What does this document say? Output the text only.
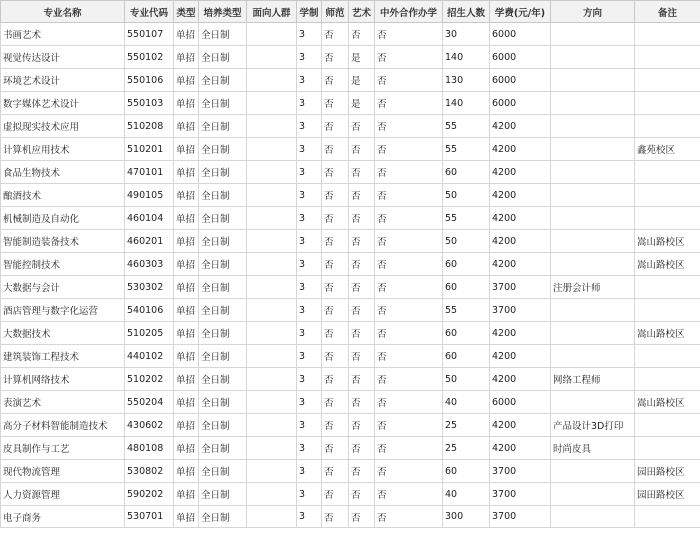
专业名称	专业代码	类型	培养类型	面向人群	学制	师范	艺术	中外合作办学	招生人数	学费(元/年)	方向	备注
书画艺术	550107	单招	全日制		3	否	否	否	30	6000		
视觉传达设计	550102	单招	全日制		3	否	是	否	140	6000		
环境艺术设计	550106	单招	全日制		3	否	是	否	130	6000		
数字媒体艺术设计	550103	单招	全日制		3	否	是	否	140	6000		
虚拟现实技术应用	510208	单招	全日制		3	否	否	否	55	4200		
计算机应用技术	510201	单招	全日制		3	否	否	否	55	4200		鑫苑校区
食品生物技术	470101	单招	全日制		3	否	否	否	60	4200		
酿酒技术	490105	单招	全日制		3	否	否	否	50	4200		
机械制造及自动化	460104	单招	全日制		3	否	否	否	55	4200		
智能制造装备技术	460201	单招	全日制		3	否	否	否	50	4200		嵩山路校区
智能控制技术	460303	单招	全日制		3	否	否	否	60	4200		嵩山路校区
大数据与会计	530302	单招	全日制		3	否	否	否	60	3700	注册会计师	
酒店管理与数字化运营	540106	单招	全日制		3	否	否	否	55	3700		
大数据技术	510205	单招	全日制		3	否	否	否	60	4200		嵩山路校区
建筑装饰工程技术	440102	单招	全日制		3	否	否	否	60	4200		
计算机网络技术	510202	单招	全日制		3	否	否	否	50	4200	网络工程师	
表演艺术	550204	单招	全日制		3	否	否	否	40	6000		嵩山路校区
高分子材料智能制造技术	430602	单招	全日制		3	否	否	否	25	4200	产品设计3D打印	
皮具制作与工艺	480108	单招	全日制		3	否	否	否	25	4200	时尚皮具	
现代物流管理	530802	单招	全日制		3	否	否	否	60	3700		园田路校区
人力资源管理	590202	单招	全日制		3	否	否	否	40	3700		园田路校区
电子商务	530701	单招	全日制		3	否	否	否	300	3700		
